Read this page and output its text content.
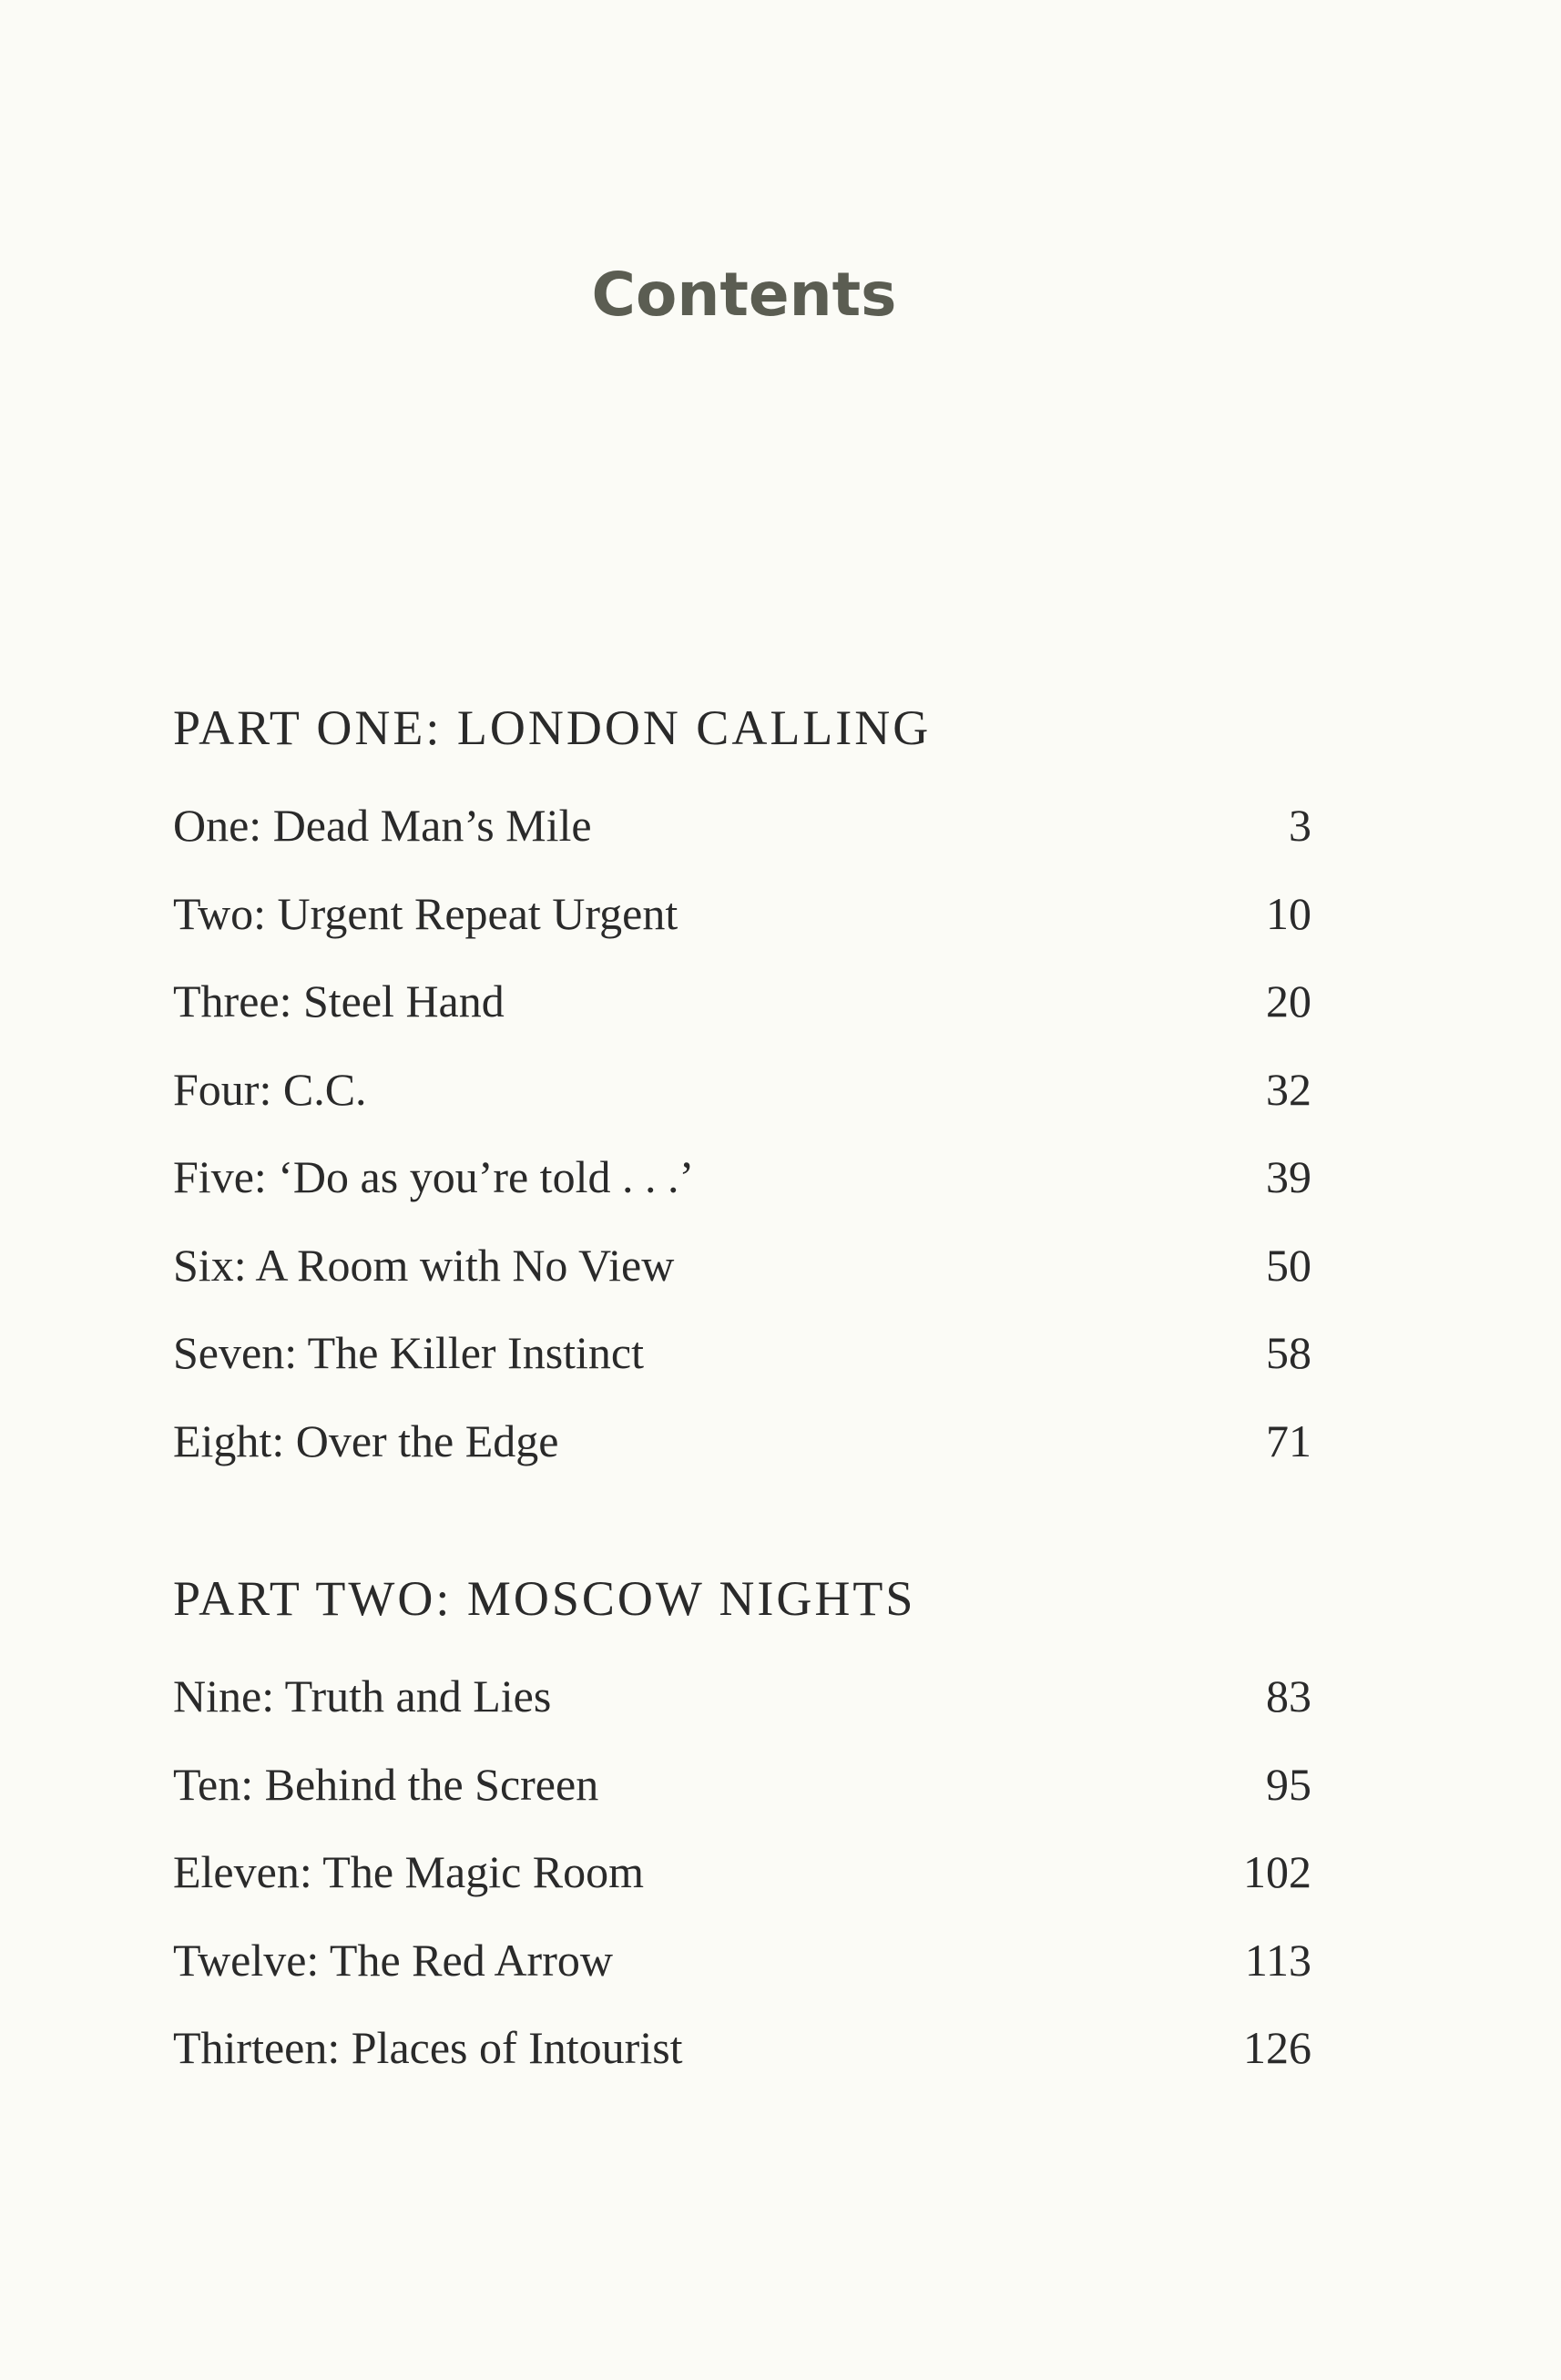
Contents
PART ONE: LONDON CALLING
One: Dead Man’s Mile	3
Two: Urgent Repeat Urgent	10
Three: Steel Hand	20
Four: C.C.	32
Five: ‘Do as you’re told . . .’	39
Six: A Room with No View	50
Seven: The Killer Instinct	58
Eight: Over the Edge	71
PART TWO: MOSCOW NIGHTS
Nine: Truth and Lies	83
Ten: Behind the Screen	95
Eleven: The Magic Room	102
Twelve: The Red Arrow	113
Thirteen: Places of Intourist	126
